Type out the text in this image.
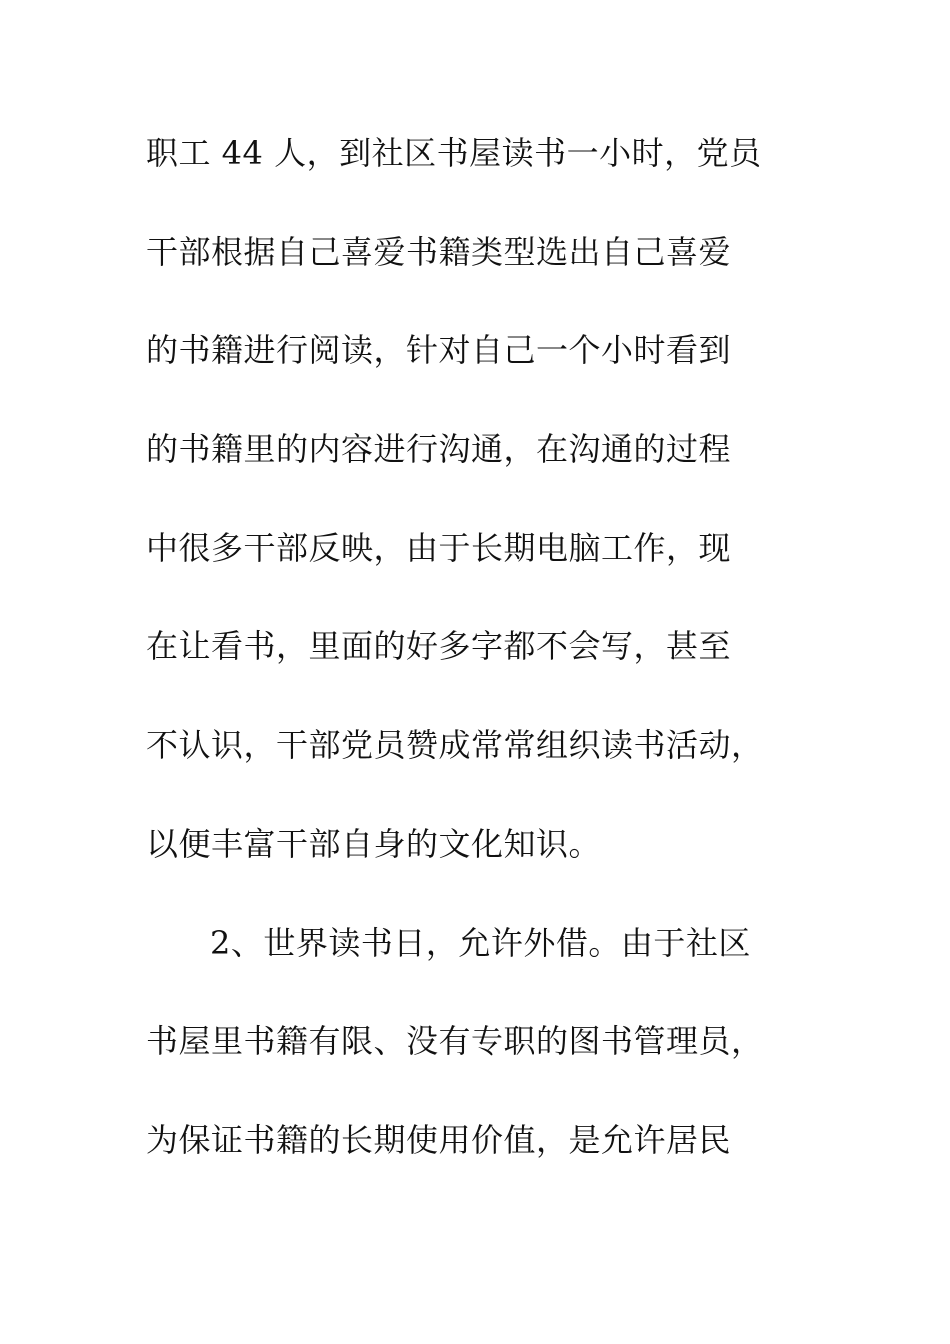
职工 44 人，到社区书屋读书一小时，党员
干部根据自己喜爱书籍类型选出自己喜爱
的书籍进行阅读，针对自己一个小时看到
的书籍里的内容进行沟通，在沟通的过程
中很多干部反映，由于长期电脑工作，现
在让看书，里面的好多字都不会写，甚至
不认识，干部党员赞成常常组织读书活动，
以便丰富干部自身的文化知识。
2、世界读书日，允许外借。由于社区
书屋里书籍有限、没有专职的图书管理员，
为保证书籍的长期使用价值，是允许居民
